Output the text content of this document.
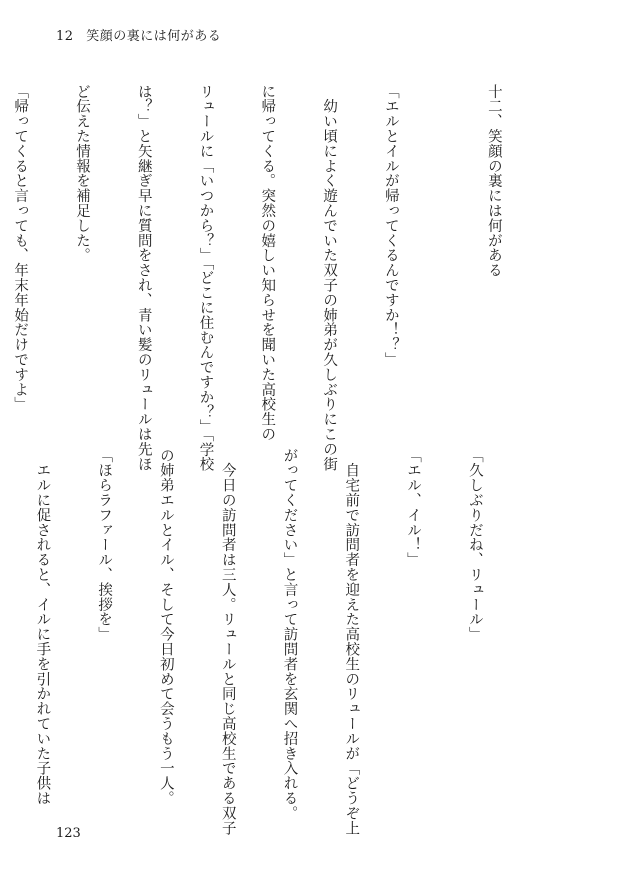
12 笑顔の裏には何がある

十二、笑顔の裏には何がある

「エルとイルが帰ってくるんですか！？」

　幼い頃によく遊んでいた双子の姉弟が久しぶりにこの街

に帰ってくる。突然の嬉しい知らせを聞いた高校生の

リュールに「いつから？」「どこに住むんですか？」「学校

は？」と矢継ぎ早に質問をされ、青い髪のリュールは先ほ

ど伝えた情報を補足した。

「帰ってくると言っても、年末年始だけですよ」

「久しぶりだね、リュール」

「エル、イル！」

　自宅前で訪問者を迎えた高校生のリュールが「どうぞ上

がってください」と言って訪問者を玄関へ招き入れる。

　今日の訪問者は三人。リュールと同じ高校生である双子

の姉弟エルとイル、そして今日初めて会うもう一人。

「ほらラファール、挨拶を」

　エルに促されると、イルに手を引かれていた子供は

123
